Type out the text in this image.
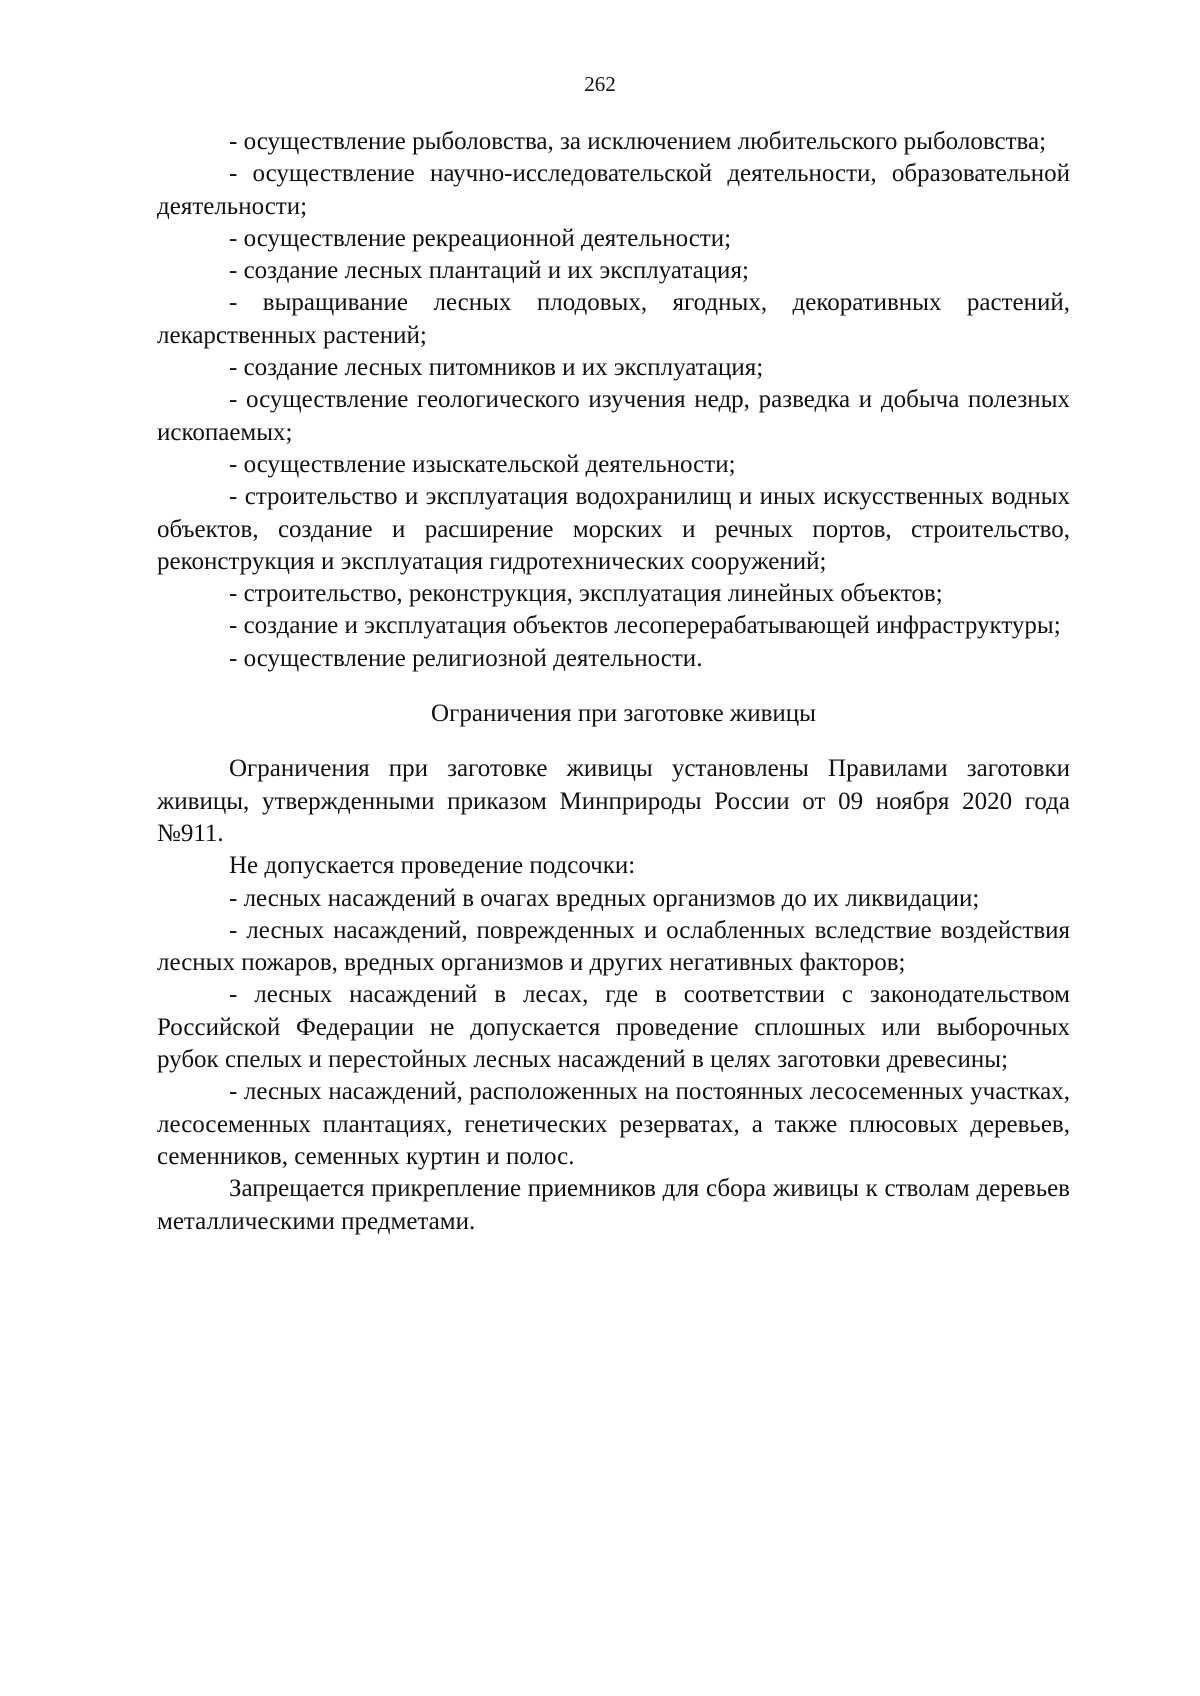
262

- осуществление рыболовства, за исключением любительского рыболовства;

- осуществление научно-исследовательской деятельности, образовательной деятельности;

- осуществление рекреационной деятельности;

- создание лесных плантаций и их эксплуатация;

- выращивание лесных плодовых, ягодных, декоративных растений, лекарственных растений;

- создание лесных питомников и их эксплуатация;

- осуществление геологического изучения недр, разведка и добыча полезных ископаемых;

- осуществление изыскательской деятельности;

- строительство и эксплуатация водохранилищ и иных искусственных водных объектов, создание и расширение морских и речных портов, строительство, реконструкция и эксплуатация гидротехнических сооружений;

- строительство, реконструкция, эксплуатация линейных объектов;

- создание и эксплуатация объектов лесоперерабатывающей инфраструктуры;

- осуществление религиозной деятельности.

Ограничения при заготовке живицы

Ограничения при заготовке живицы установлены Правилами заготовки живицы, утвержденными приказом Минприроды России от 09 ноября 2020 года №911.

Не допускается проведение подсочки:

- лесных насаждений в очагах вредных организмов до их ликвидации;

- лесных насаждений, поврежденных и ослабленных вследствие воздействия лесных пожаров, вредных организмов и других негативных факторов;

- лесных насаждений в лесах, где в соответствии с законодательством Российской Федерации не допускается проведение сплошных или выборочных рубок спелых и перестойных лесных насаждений в целях заготовки древесины;

- лесных насаждений, расположенных на постоянных лесосеменных участках, лесосеменных плантациях, генетических резерватах, а также плюсовых деревьев, семенников, семенных куртин и полос.

Запрещается прикрепление приемников для сбора живицы к стволам деревьев металлическими предметами.
